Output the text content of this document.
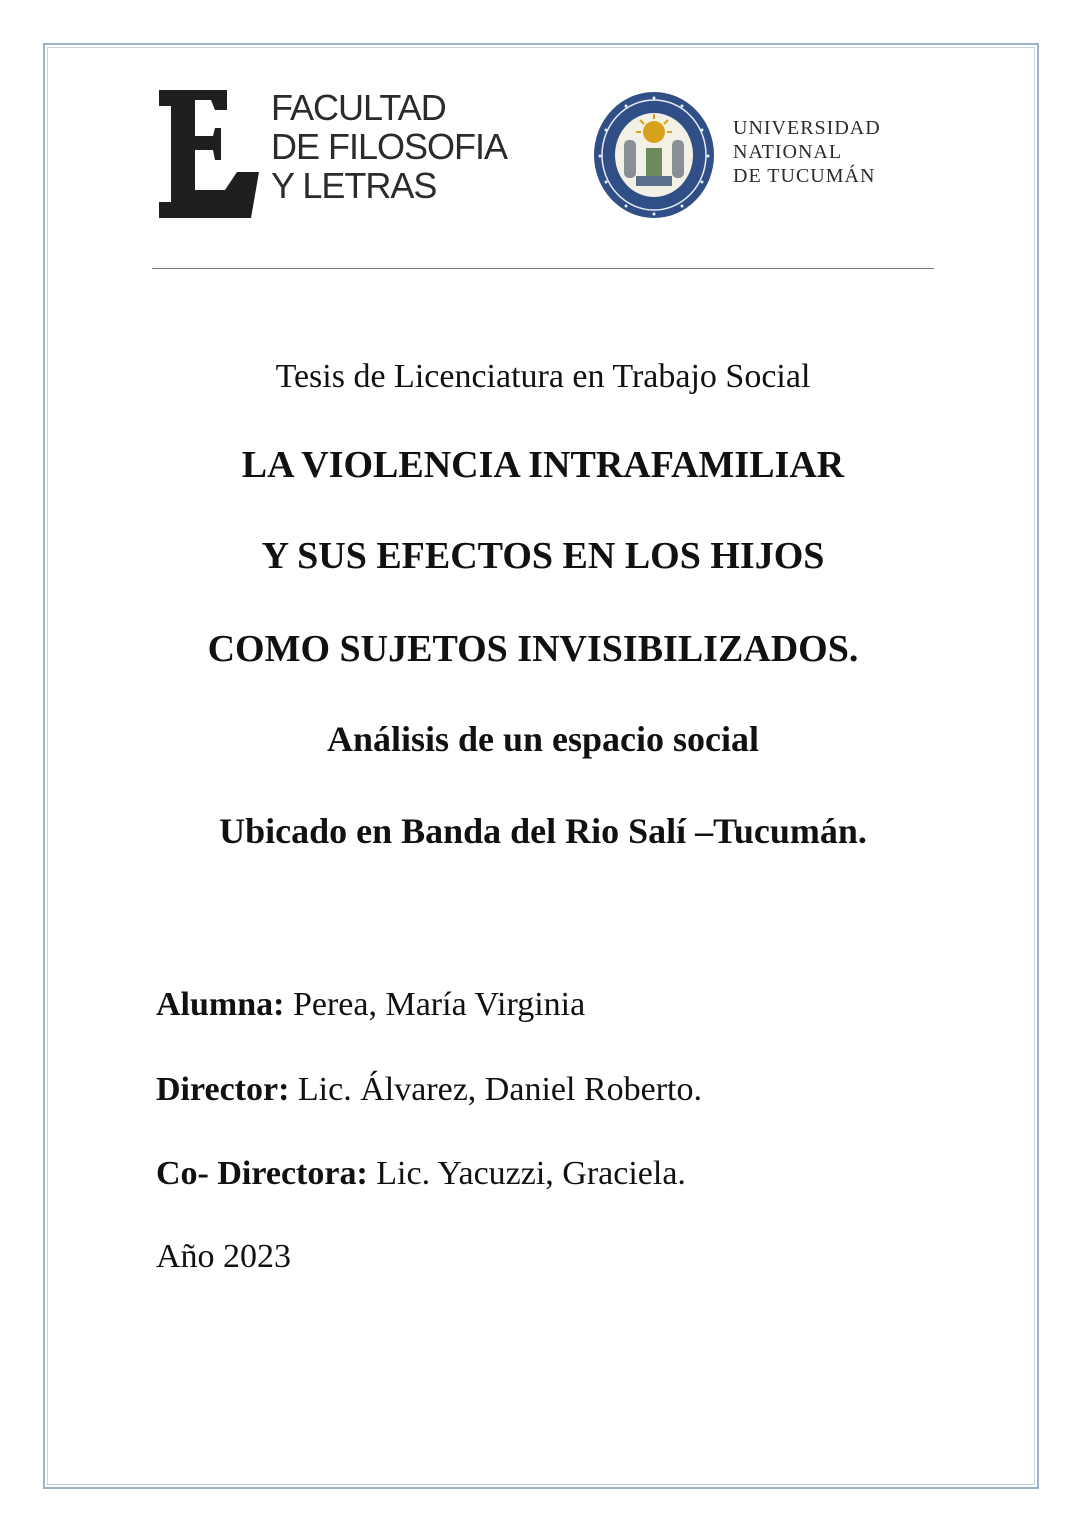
FACULTAD
DE FILOSOFIA
Y LETRAS
UNIVERSIDAD
NATIONAL
DE TUCUMÁN
Tesis de Licenciatura en Trabajo Social
LA VIOLENCIA INTRAFAMILIAR
Y SUS EFECTOS EN LOS HIJOS
COMO SUJETOS INVISIBILIZADOS.
Análisis de un espacio social
Ubicado en Banda del Rio Salí –Tucumán.
Alumna: Perea, María Virginia
Director: Lic. Álvarez, Daniel Roberto.
Co- Directora: Lic. Yacuzzi, Graciela.
Año 2023
